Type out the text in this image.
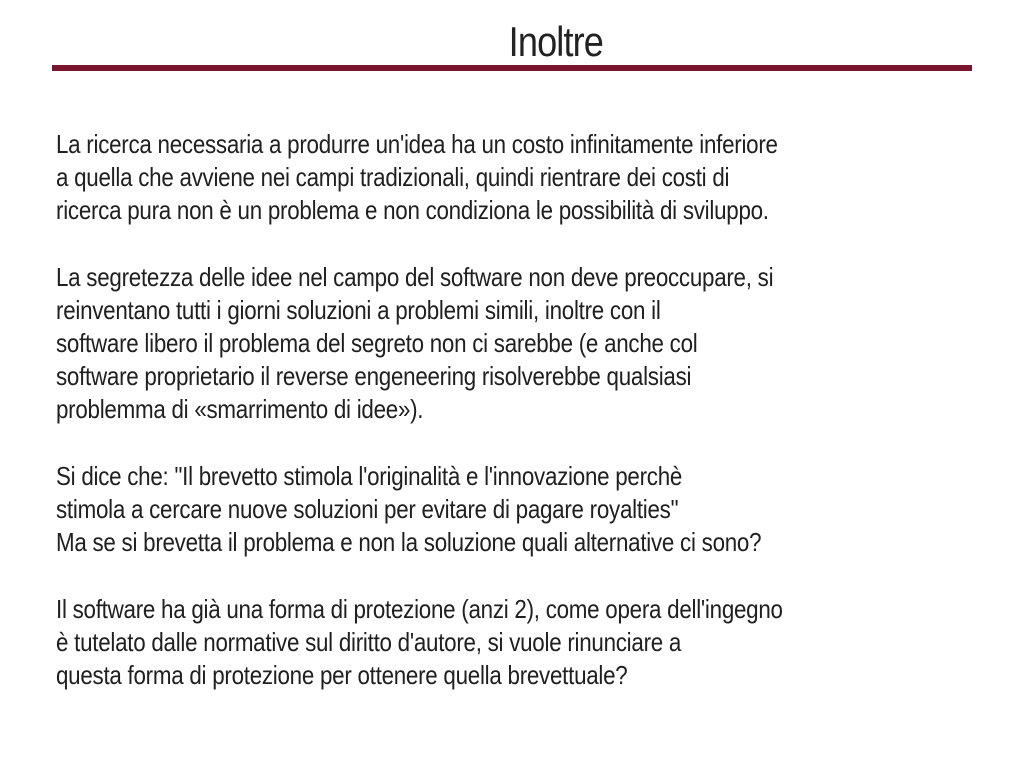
Inoltre

La ricerca necessaria a produrre un'idea ha un costo infinitamente inferiore
a quella che avviene nei campi tradizionali, quindi rientrare dei costi di
ricerca pura non è un problema e non condiziona le possibilità di sviluppo.

La segretezza delle idee nel campo del software non deve preoccupare, si
reinventano tutti i giorni soluzioni a problemi simili, inoltre con il
software libero il problema del segreto non ci sarebbe (e anche col
software proprietario il reverse engeneering risolverebbe qualsiasi
problemma di «smarrimento di idee»).

Si dice che: "Il brevetto stimola l'originalità e l'innovazione perchè
stimola a cercare nuove soluzioni per evitare di pagare royalties"
Ma se si brevetta il problema e non la soluzione quali alternative ci sono?

Il software ha già una forma di protezione (anzi 2), come opera dell'ingegno
è tutelato dalle normative sul diritto d'autore, si vuole rinunciare a
questa forma di protezione per ottenere quella brevettuale?
